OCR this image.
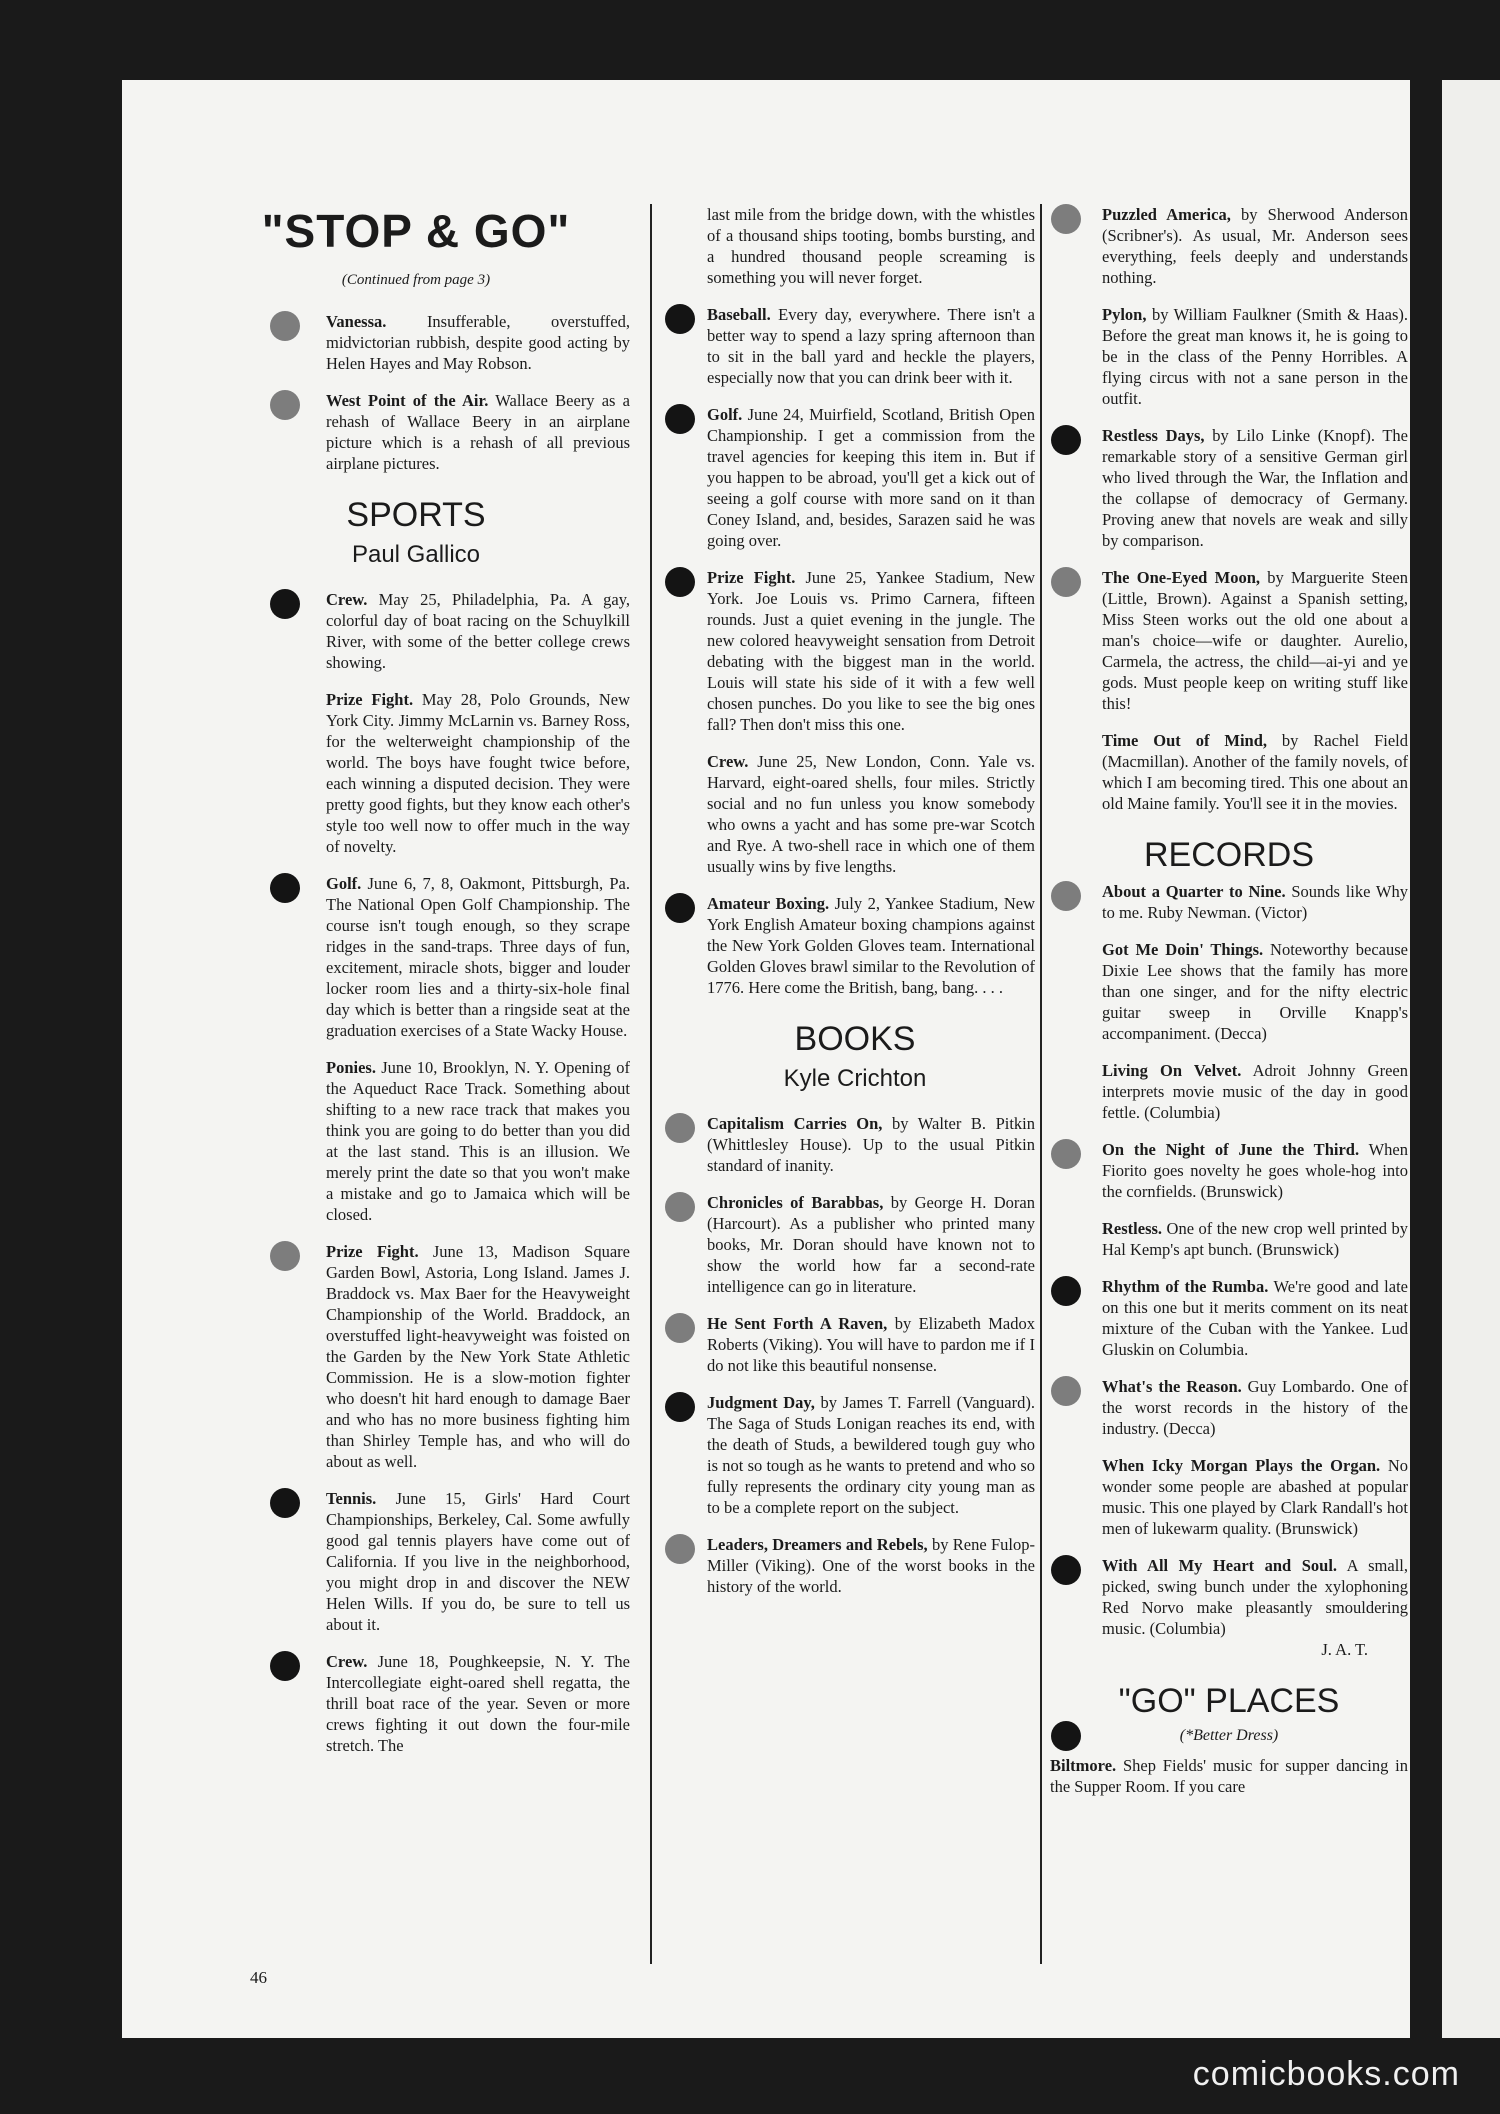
"STOP & GO"
(Continued from page 3)
Vanessa. Insufferable, overstuffed, midvictorian rubbish, despite good acting by Helen Hayes and May Robson.
West Point of the Air. Wallace Beery as a rehash of Wallace Beery in an airplane picture which is a rehash of all previous airplane pictures.
SPORTS
Paul Gallico
Crew. May 25, Philadelphia, Pa. A gay, colorful day of boat racing on the Schuylkill River, with some of the better college crews showing.
Prize Fight. May 28, Polo Grounds, New York City. Jimmy McLarnin vs. Barney Ross, for the welterweight championship of the world. The boys have fought twice before, each winning a disputed decision. They were pretty good fights, but they know each other's style too well now to offer much in the way of novelty.
Golf. June 6, 7, 8, Oakmont, Pittsburgh, Pa. The National Open Golf Championship. The course isn't tough enough, so they scrape ridges in the sand-traps. Three days of fun, excitement, miracle shots, bigger and louder locker room lies and a thirty-six-hole final day which is better than a ringside seat at the graduation exercises of a State Wacky House.
Ponies. June 10, Brooklyn, N. Y. Opening of the Aqueduct Race Track. Something about shifting to a new race track that makes you think you are going to do better than you did at the last stand. This is an illusion. We merely print the date so that you won't make a mistake and go to Jamaica which will be closed.
Prize Fight. June 13, Madison Square Garden Bowl, Astoria, Long Island. James J. Braddock vs. Max Baer for the Heavyweight Championship of the World. Braddock, an overstuffed light-heavyweight was foisted on the Garden by the New York State Athletic Commission. He is a slow-motion fighter who doesn't hit hard enough to damage Baer and who has no more business fighting him than Shirley Temple has, and who will do about as well.
Tennis. June 15, Girls' Hard Court Championships, Berkeley, Cal. Some awfully good gal tennis players have come out of California. If you live in the neighborhood, you might drop in and discover the NEW Helen Wills. If you do, be sure to tell us about it.
Crew. June 18, Poughkeepsie, N. Y. The Intercollegiate eight-oared shell regatta, the thrill boat race of the year. Seven or more crews fighting it out down the four-mile stretch. The
last mile from the bridge down, with the whistles of a thousand ships tooting, bombs bursting, and a hundred thousand people screaming is something you will never forget.
Baseball. Every day, everywhere. There isn't a better way to spend a lazy spring afternoon than to sit in the ball yard and heckle the players, especially now that you can drink beer with it.
Golf. June 24, Muirfield, Scotland, British Open Championship. I get a commission from the travel agencies for keeping this item in. But if you happen to be abroad, you'll get a kick out of seeing a golf course with more sand on it than Coney Island, and, besides, Sarazen said he was going over.
Prize Fight. June 25, Yankee Stadium, New York. Joe Louis vs. Primo Carnera, fifteen rounds. Just a quiet evening in the jungle. The new colored heavyweight sensation from Detroit debating with the biggest man in the world. Louis will state his side of it with a few well chosen punches. Do you like to see the big ones fall? Then don't miss this one.
Crew. June 25, New London, Conn. Yale vs. Harvard, eight-oared shells, four miles. Strictly social and no fun unless you know somebody who owns a yacht and has some pre-war Scotch and Rye. A two-shell race in which one of them usually wins by five lengths.
Amateur Boxing. July 2, Yankee Stadium, New York English Amateur boxing champions against the New York Golden Gloves team. International Golden Gloves brawl similar to the Revolution of 1776. Here come the British, bang, bang. . . .
BOOKS
Kyle Crichton
Capitalism Carries On, by Walter B. Pitkin (Whittlesley House). Up to the usual Pitkin standard of inanity.
Chronicles of Barabbas, by George H. Doran (Harcourt). As a publisher who printed many books, Mr. Doran should have known not to show the world how far a second-rate intelligence can go in literature.
He Sent Forth A Raven, by Elizabeth Madox Roberts (Viking). You will have to pardon me if I do not like this beautiful nonsense.
Judgment Day, by James T. Farrell (Vanguard). The Saga of Studs Lonigan reaches its end, with the death of Studs, a bewildered tough guy who is not so tough as he wants to pretend and who so fully represents the ordinary city young man as to be a complete report on the subject.
Leaders, Dreamers and Rebels, by Rene Fulop-Miller (Viking). One of the worst books in the history of the world.
Puzzled America, by Sherwood Anderson (Scribner's). As usual, Mr. Anderson sees everything, feels deeply and understands nothing.
Pylon, by William Faulkner (Smith & Haas). Before the great man knows it, he is going to be in the class of the Penny Horribles. A flying circus with not a sane person in the outfit.
Restless Days, by Lilo Linke (Knopf). The remarkable story of a sensitive German girl who lived through the War, the Inflation and the collapse of democracy of Germany. Proving anew that novels are weak and silly by comparison.
The One-Eyed Moon, by Marguerite Steen (Little, Brown). Against a Spanish setting, Miss Steen works out the old one about a man's choice—wife or daughter. Aurelio, Carmela, the actress, the child—ai-yi and ye gods. Must people keep on writing stuff like this!
Time Out of Mind, by Rachel Field (Macmillan). Another of the family novels, of which I am becoming tired. This one about an old Maine family. You'll see it in the movies.
RECORDS
About a Quarter to Nine. Sounds like Why to me. Ruby Newman. (Victor)
Got Me Doin' Things. Noteworthy because Dixie Lee shows that the family has more than one singer, and for the nifty electric guitar sweep in Orville Knapp's accompaniment. (Decca)
Living On Velvet. Adroit Johnny Green interprets movie music of the day in good fettle. (Columbia)
On the Night of June the Third. When Fiorito goes novelty he goes whole-hog into the cornfields. (Brunswick)
Restless. One of the new crop well printed by Hal Kemp's apt bunch. (Brunswick)
Rhythm of the Rumba. We're good and late on this one but it merits comment on its neat mixture of the Cuban with the Yankee. Lud Gluskin on Columbia.
What's the Reason. Guy Lombardo. One of the worst records in the history of the industry. (Decca)
When Icky Morgan Plays the Organ. No wonder some people are abashed at popular music. This one played by Clark Randall's hot men of lukewarm quality. (Brunswick)
With All My Heart and Soul. A small, picked, swing bunch under the xylophoning Red Norvo make pleasantly smouldering music. (Columbia)
J. A. T.
"GO" PLACES
(*Better Dress)
Biltmore. Shep Fields' music for supper dancing in the Supper Room. If you care
46
comicbooks.com
